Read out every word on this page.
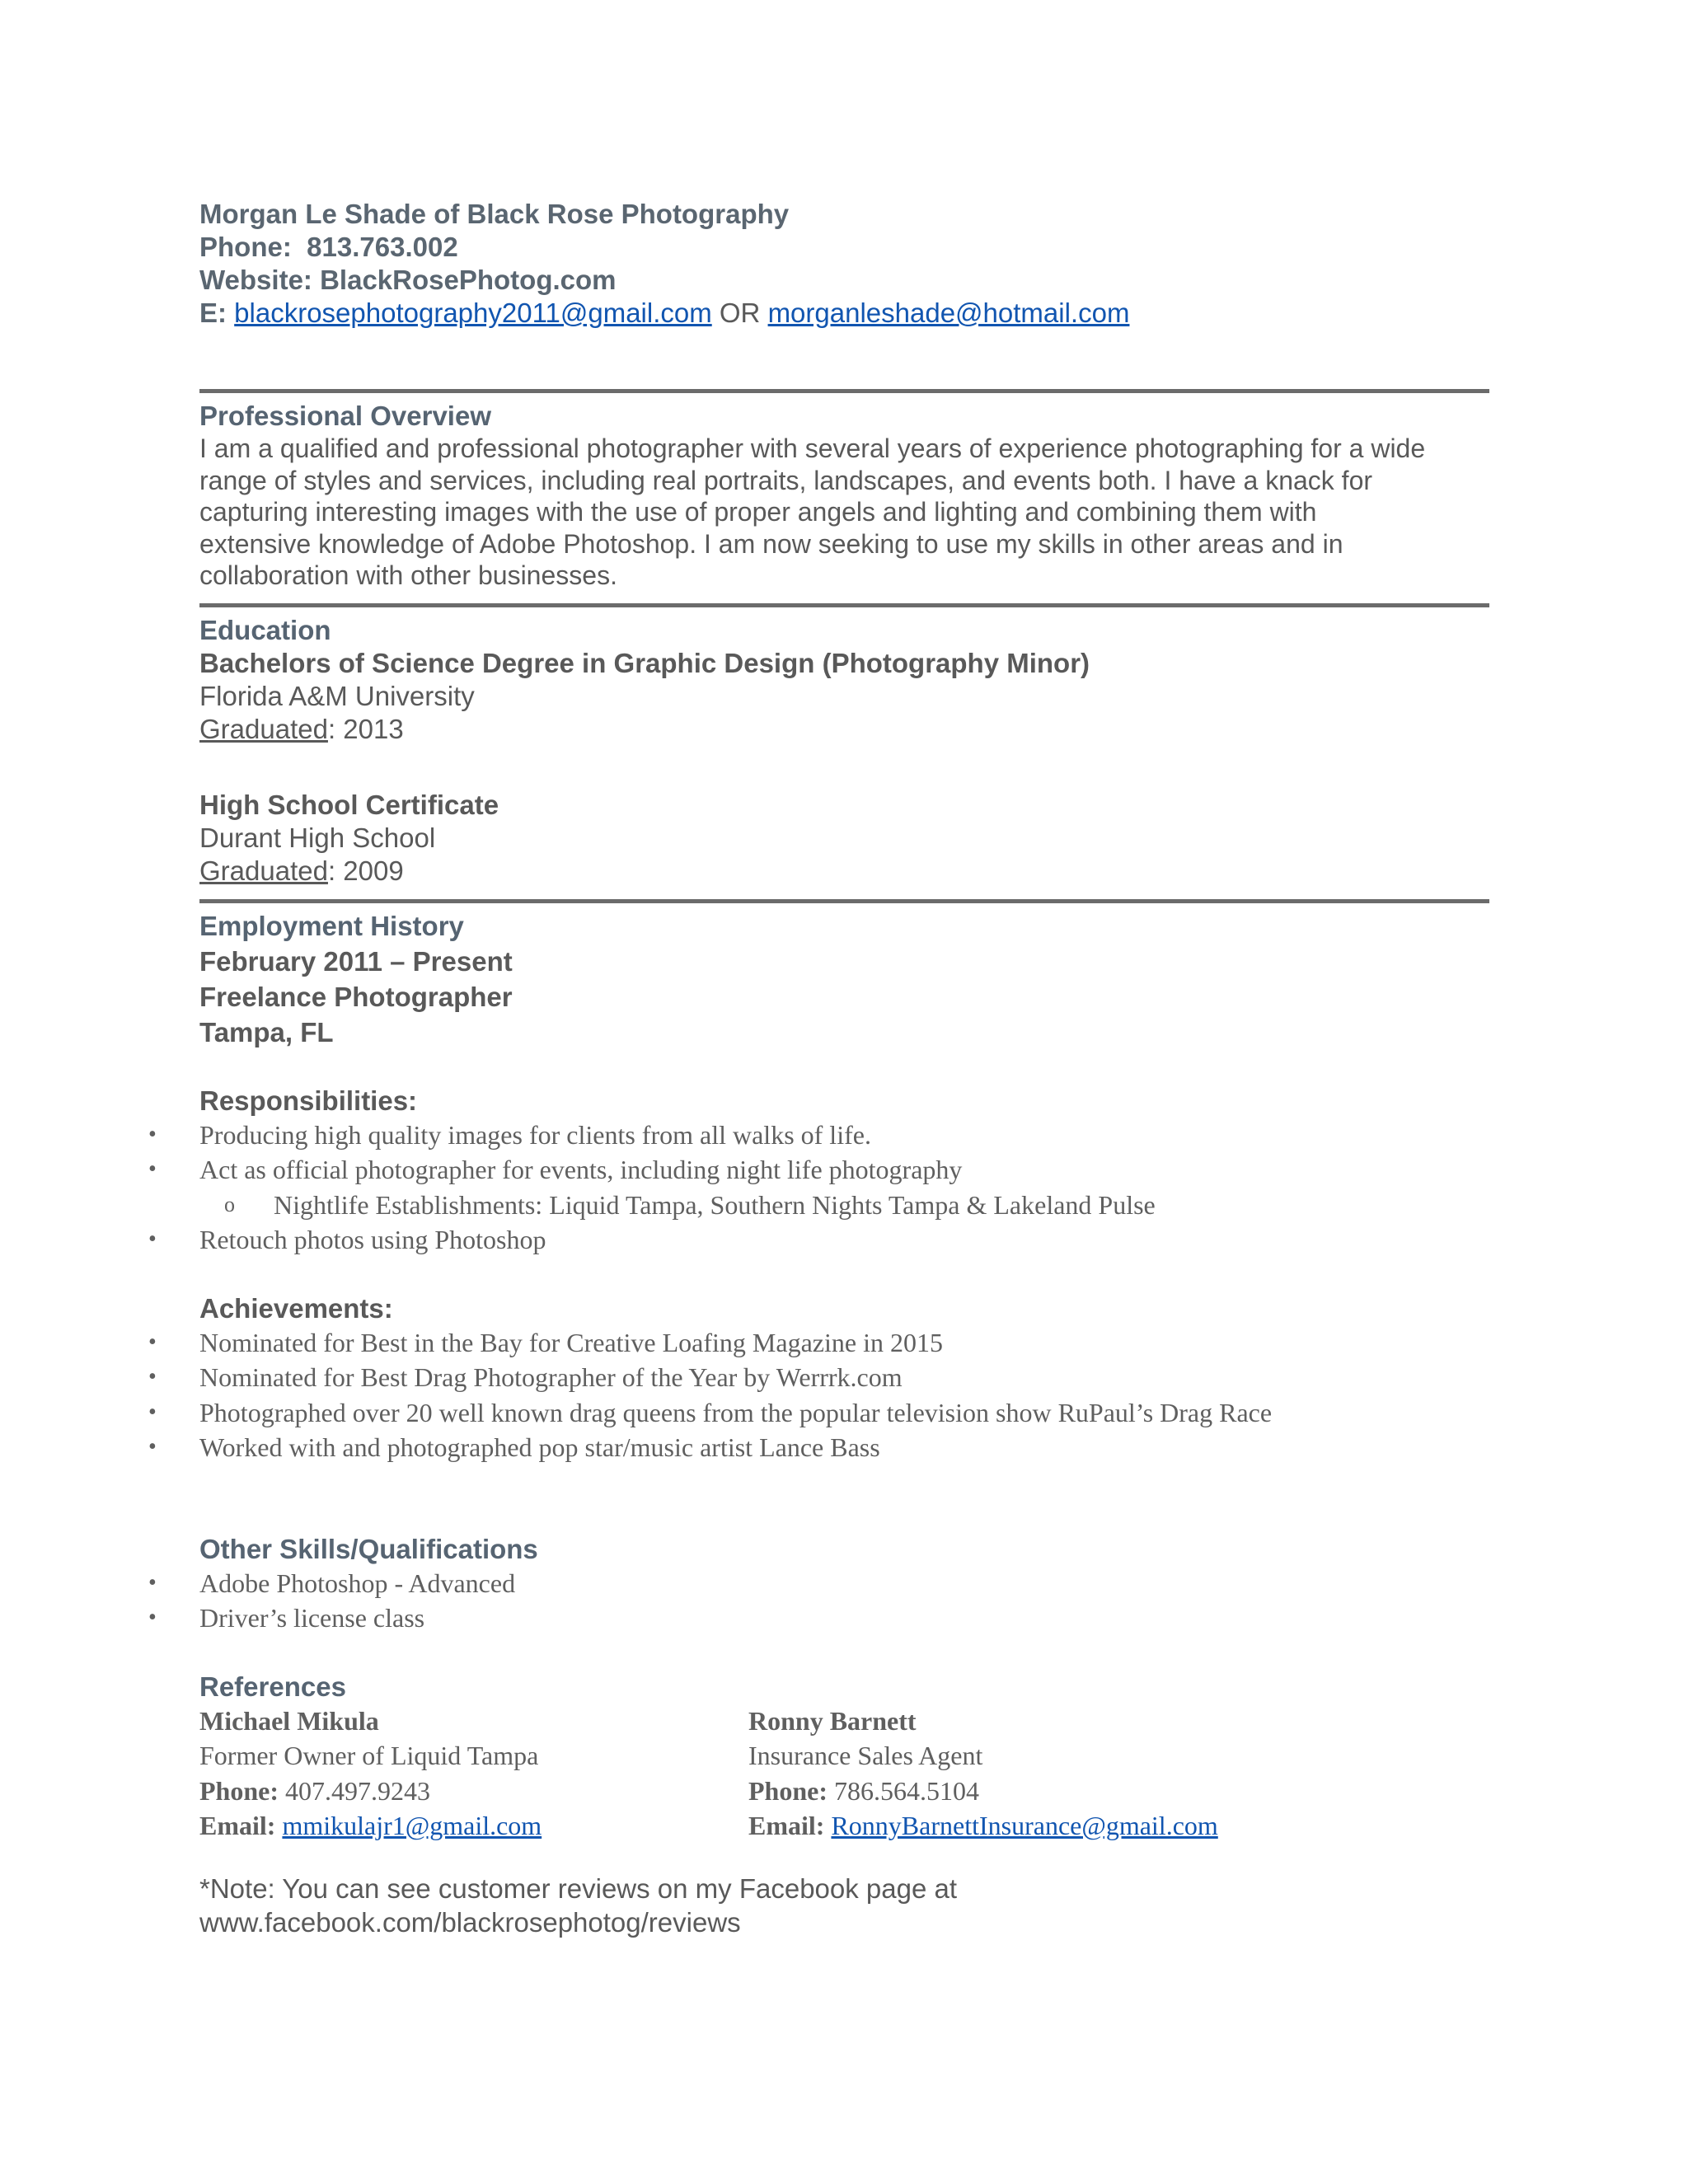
Morgan Le Shade of Black Rose Photography
Phone: 813.763.002
Website: BlackRosePhotog.com
E: blackrosephotography2011@gmail.com OR morganleshade@hotmail.com
Professional Overview
I am a qualified and professional photographer with several years of experience photographing for a wide
range of styles and services, including real portraits, landscapes, and events both. I have a knack for
capturing interesting images with the use of proper angels and lighting and combining them with
extensive knowledge of Adobe Photoshop. I am now seeking to use my skills in other areas and in
collaboration with other businesses.
Education
Bachelors of Science Degree in Graphic Design (Photography Minor)
Florida A&M University
Graduated: 2013
High School Certificate
Durant High School
Graduated: 2009
Employment History
February 2011 – Present
Freelance Photographer
Tampa, FL
Responsibilities:
• Producing high quality images for clients from all walks of life.
• Act as official photographer for events, including night life photography
o Nightlife Establishments: Liquid Tampa, Southern Nights Tampa & Lakeland Pulse
• Retouch photos using Photoshop
Achievements:
• Nominated for Best in the Bay for Creative Loafing Magazine in 2015
• Nominated for Best Drag Photographer of the Year by Werrrk.com
• Photographed over 20 well known drag queens from the popular television show RuPaul’s Drag Race
• Worked with and photographed pop star/music artist Lance Bass
Other Skills/Qualifications
• Adobe Photoshop - Advanced
• Driver’s license class
References
Michael Mikula
Former Owner of Liquid Tampa
Phone: 407.497.9243
Email: mmikulajr1@gmail.com
Ronny Barnett
Insurance Sales Agent
Phone: 786.564.5104
Email: RonnyBarnettInsurance@gmail.com
*Note: You can see customer reviews on my Facebook page at
www.facebook.com/blackrosephotog/reviews
